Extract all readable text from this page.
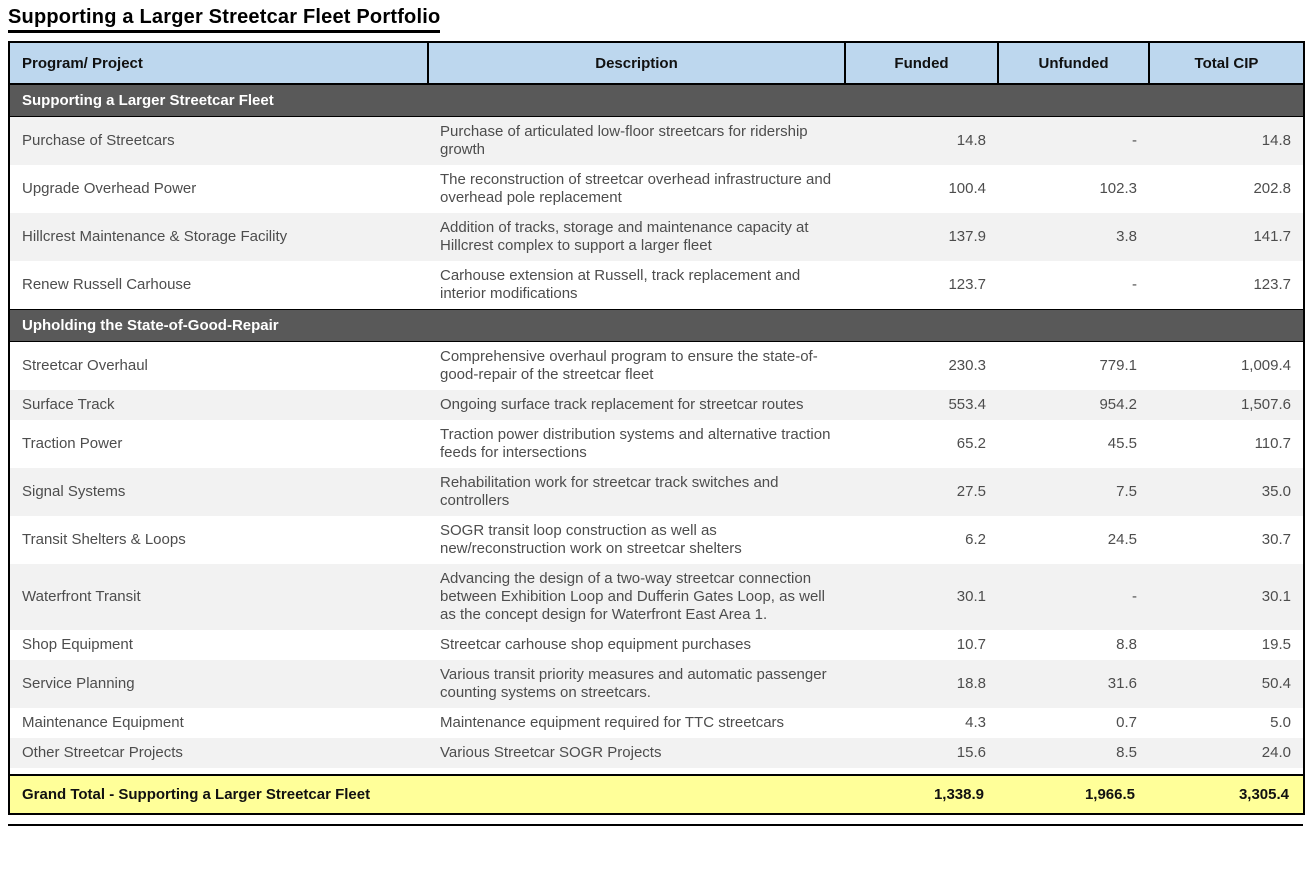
Supporting a Larger Streetcar Fleet Portfolio
Program/ Project	Description	Funded	Unfunded	Total CIP
Supporting a Larger Streetcar Fleet				
Purchase of Streetcars	Purchase of articulated low-floor streetcars for ridership growth	14.8	-	14.8
Upgrade Overhead Power	The reconstruction of streetcar overhead infrastructure and overhead pole replacement	100.4	102.3	202.8
Hillcrest Maintenance & Storage Facility	Addition of tracks, storage and maintenance capacity at Hillcrest complex to support a larger fleet	137.9	3.8	141.7
Renew Russell Carhouse	Carhouse extension at Russell, track replacement and interior modifications	123.7	-	123.7
Upholding the State-of-Good-Repair				
Streetcar Overhaul	Comprehensive overhaul program to ensure the state-of-good-repair of the streetcar fleet	230.3	779.1	1,009.4
Surface Track	Ongoing surface track replacement for streetcar routes	553.4	954.2	1,507.6
Traction Power	Traction power distribution systems and alternative traction feeds for intersections	65.2	45.5	110.7
Signal Systems	Rehabilitation work for streetcar track switches and controllers	27.5	7.5	35.0
Transit Shelters & Loops	SOGR transit loop construction as well as new/reconstruction work on streetcar shelters	6.2	24.5	30.7
Waterfront Transit	Advancing the design of a two-way streetcar connection between Exhibition Loop and Dufferin Gates Loop, as well as the concept design for Waterfront East Area 1.	30.1	-	30.1
Shop Equipment	Streetcar carhouse shop equipment purchases	10.7	8.8	19.5
Service Planning	Various transit priority measures and automatic passenger counting systems on streetcars.	18.8	31.6	50.4
Maintenance Equipment	Maintenance equipment required for TTC streetcars	4.3	0.7	5.0
Other Streetcar Projects	Various Streetcar SOGR Projects	15.6	8.5	24.0

Grand Total - Supporting a Larger Streetcar Fleet		1,338.9	1,966.5	3,305.4
